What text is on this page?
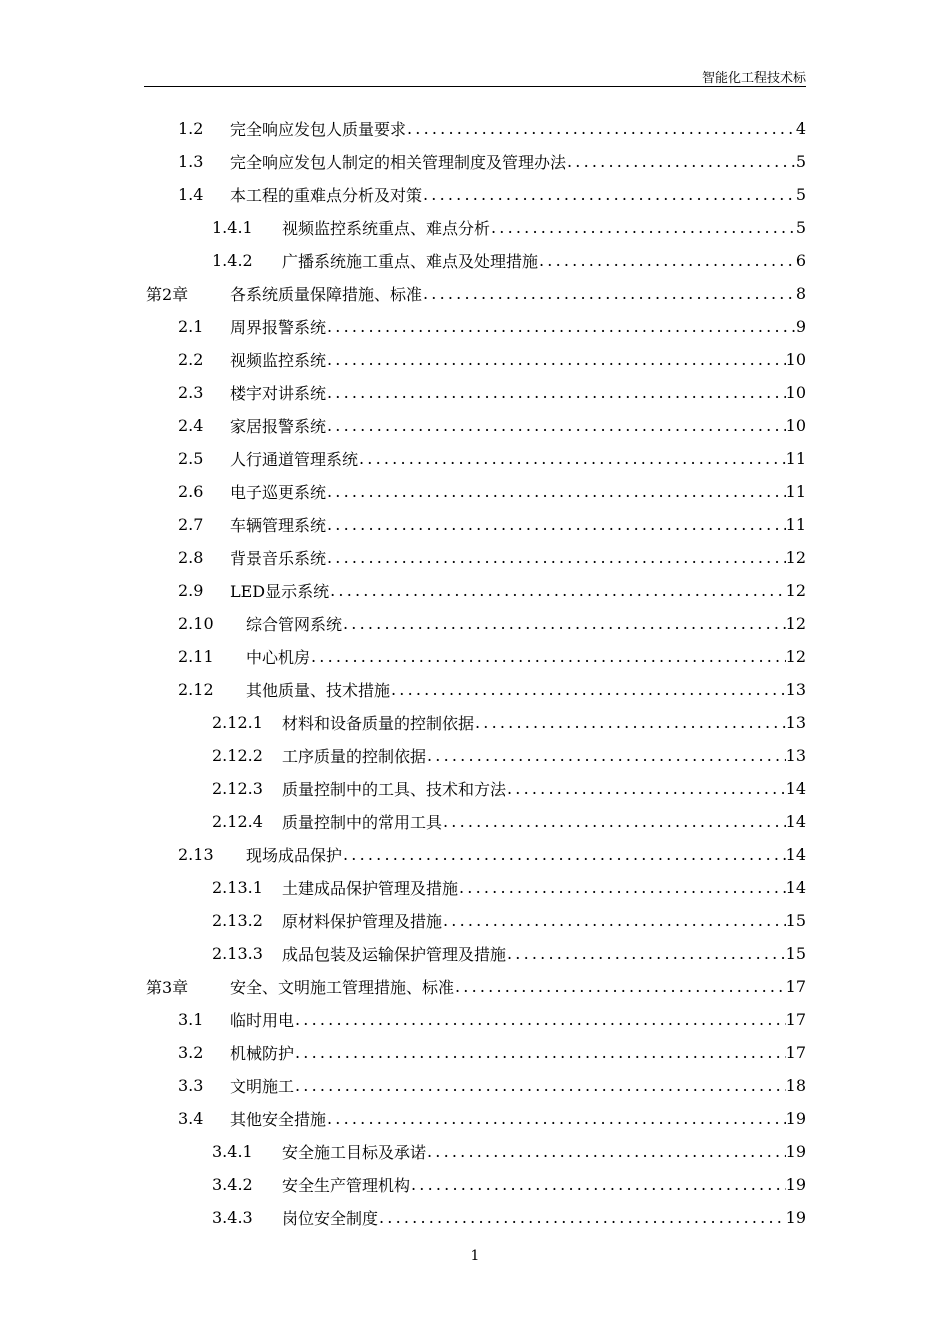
智能化工程技术标
1.2	完全响应发包人质量要求 .....	4
1.3	完全响应发包人制定的相关管理制度及管理办法 .....	5
1.4	本工程的重难点分析及对策 .....	5
1.4.1	视频监控系统重点、难点分析 .....	5
1.4.2	广播系统施工重点、难点及处理措施 .....	6
第2章	各系统质量保障措施、标准 .....	8
2.1	周界报警系统 .....	9
2.2	视频监控系统 .....	10
2.3	楼宇对讲系统 .....	10
2.4	家居报警系统 .....	10
2.5	人行通道管理系统 .....	11
2.6	电子巡更系统 .....	11
2.7	车辆管理系统 .....	11
2.8	背景音乐系统 .....	12
2.9	LED显示系统 .....	12
2.10	综合管网系统 .....	12
2.11	中心机房 .....	12
2.12	其他质量、技术措施 .....	13
2.12.1	材料和设备质量的控制依据 .....	13
2.12.2	工序质量的控制依据 .....	13
2.12.3	质量控制中的工具、技术和方法 .....	14
2.12.4	质量控制中的常用工具 .....	14
2.13	现场成品保护 .....	14
2.13.1	土建成品保护管理及措施 .....	14
2.13.2	原材料保护管理及措施 .....	15
2.13.3	成品包装及运输保护管理及措施 .....	15
第3章	安全、文明施工管理措施、标准 .....	17
3.1	临时用电 .....	17
3.2	机械防护 .....	17
3.3	文明施工 .....	18
3.4	其他安全措施 .....	19
3.4.1	安全施工目标及承诺 .....	19
3.4.2	安全生产管理机构 .....	19
3.4.3	岗位安全制度 .....	19
1
